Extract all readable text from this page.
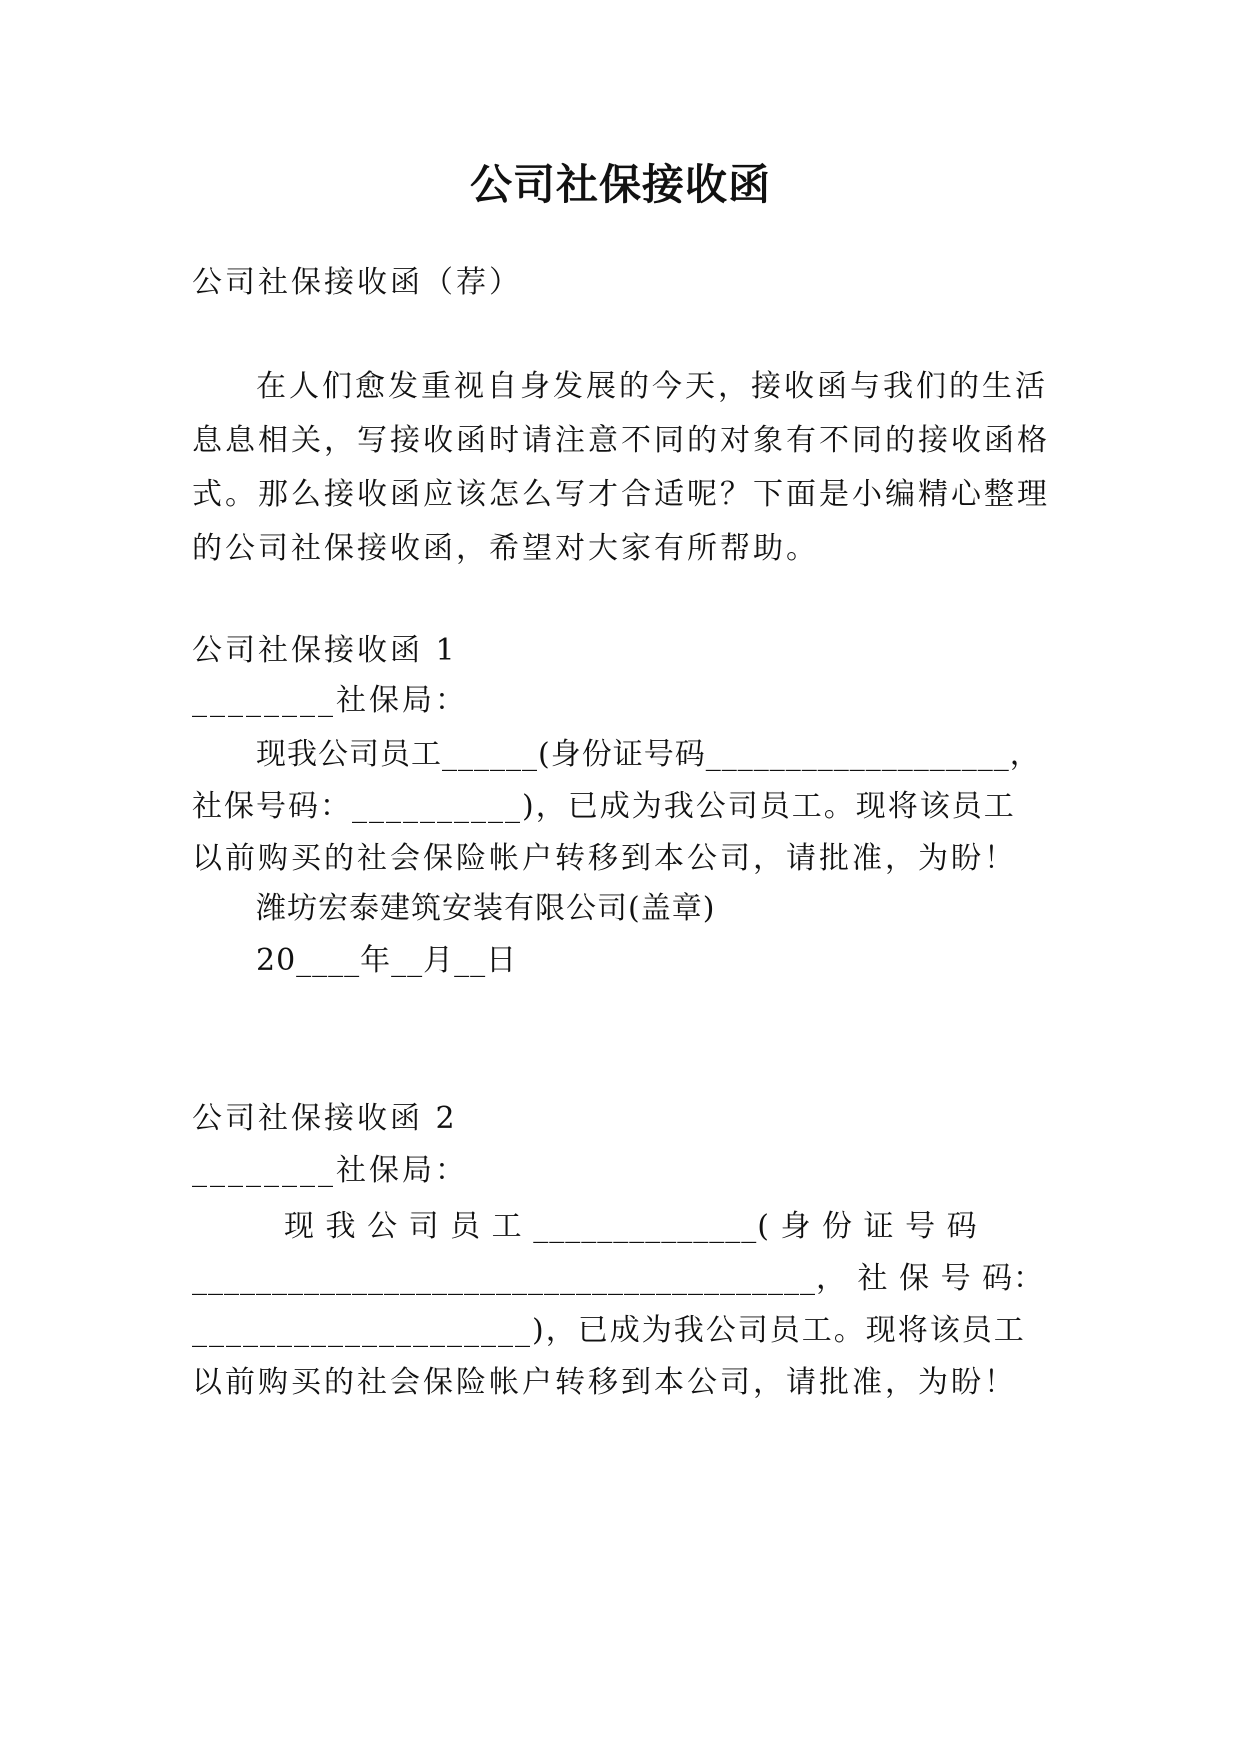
公司社保接收函
公司社保接收函（荐）
在人们愈发重视自身发展的今天，接收函与我们的生活
息息相关，写接收函时请注意不同的对象有不同的接收函格
式。那么接收函应该怎么写才合适呢？下面是小编精心整理
的公司社保接收函，希望对大家有所帮助。
公司社保接收函 1
________社保局：
现我公司员工______(身份证号码___________________，
社保号码：__________)，已成为我公司员工。现将该员工
以前购买的社会保险帐户转移到本公司，请批准，为盼！
潍坊宏泰建筑安装有限公司(盖章)
20____年__月__日
公司社保接收函 2
________社保局：
现 我 公 司 员 工 ______________( 身 份 证 号 码
_______________________________________， 社 保 号 码：
____________________)，已成为我公司员工。现将该员工
以前购买的社会保险帐户转移到本公司，请批准，为盼！
